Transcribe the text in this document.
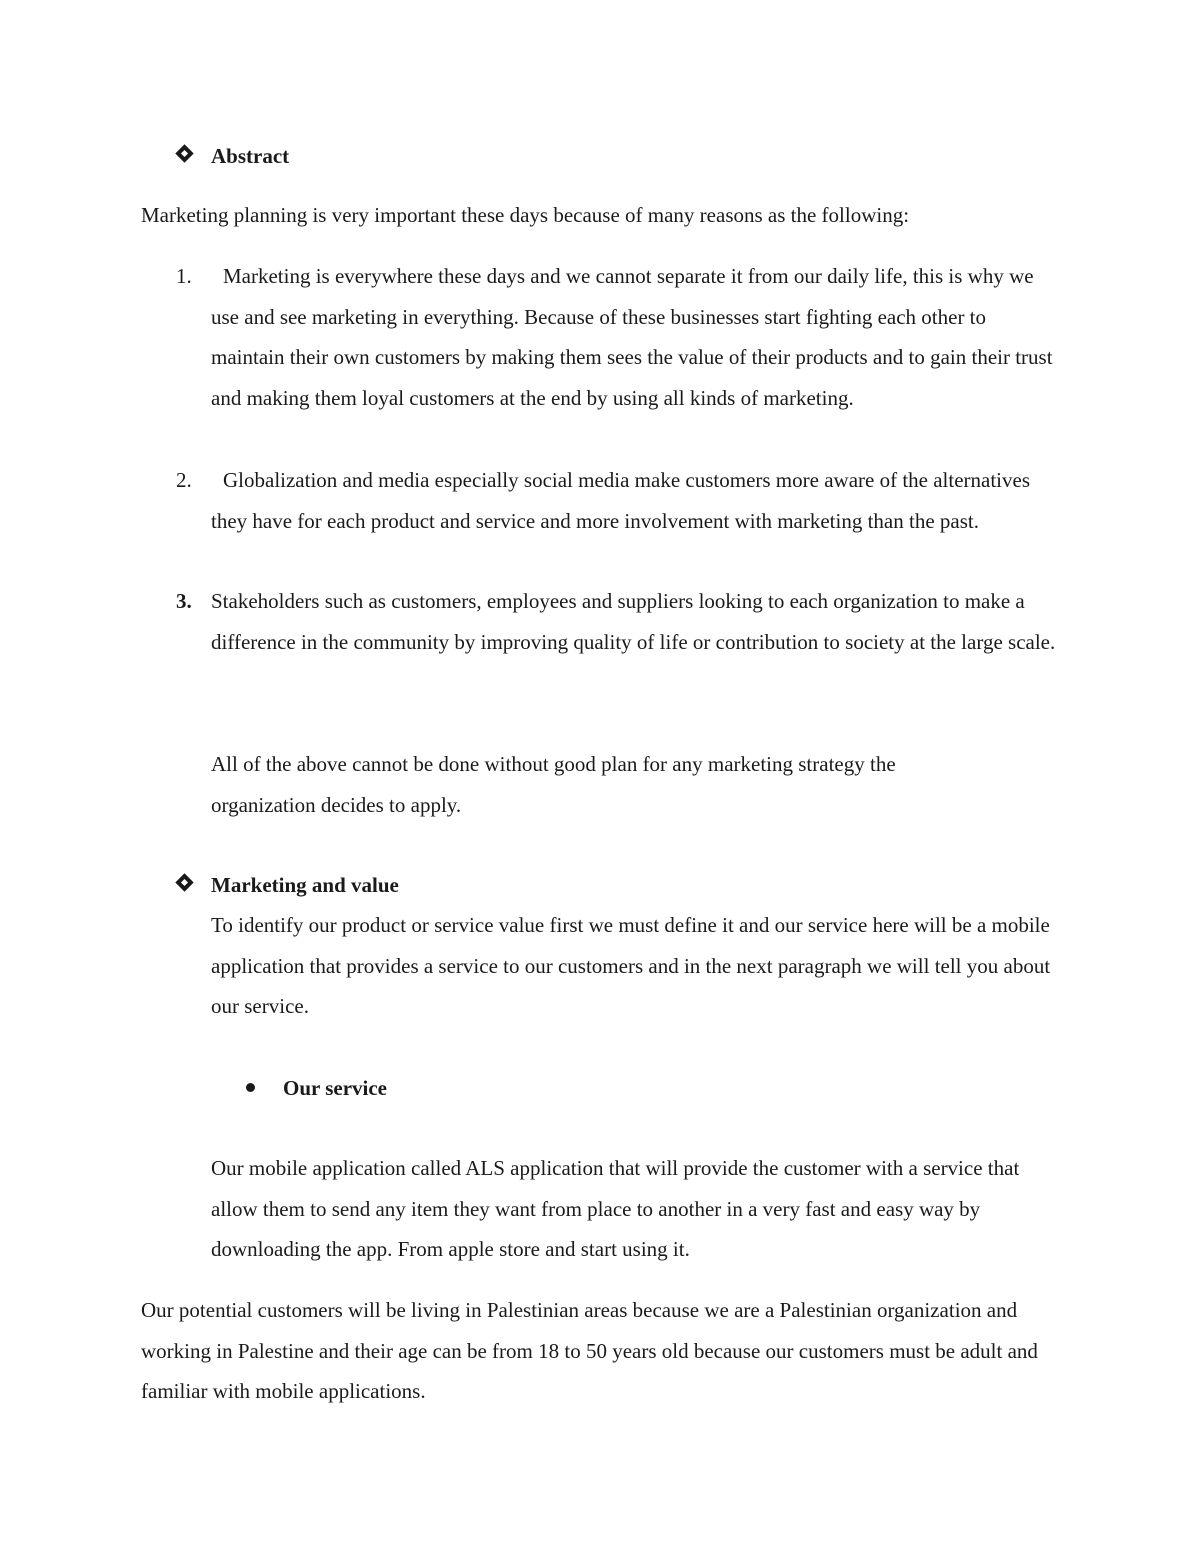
Abstract
Marketing planning is very important these days because of many reasons as the following:
1.	Marketing is everywhere these days and we cannot separate it from our daily life, this is why we use and see marketing in everything. Because of these businesses start fighting each other to maintain their own customers by making them sees the value of their products and to gain their trust and making them loyal customers at the end by using all kinds of marketing.
2.	Globalization and media especially social media make customers more aware of the alternatives they have for each product and service and more involvement with marketing than the past.
3. Stakeholders such as customers, employees and suppliers looking to each organization to make a difference in the community by improving quality of life or contribution to society at the large scale.
All of the above cannot be done without good plan for any marketing strategy the organization decides to apply.
Marketing and value
To identify our product or service value first we must define it and our service here will be a mobile application that provides a service to our customers and in the next paragraph we will tell you about our service.
Our service
Our mobile application called ALS application that will provide the customer with a service that allow them to send any item they want from place to another in a very fast and easy way by downloading the app. From apple store and start using it.
Our potential customers will be living in Palestinian areas because we are a Palestinian organization and working in Palestine and their age can be from 18 to 50 years old because our customers must be adult and familiar with mobile applications.
